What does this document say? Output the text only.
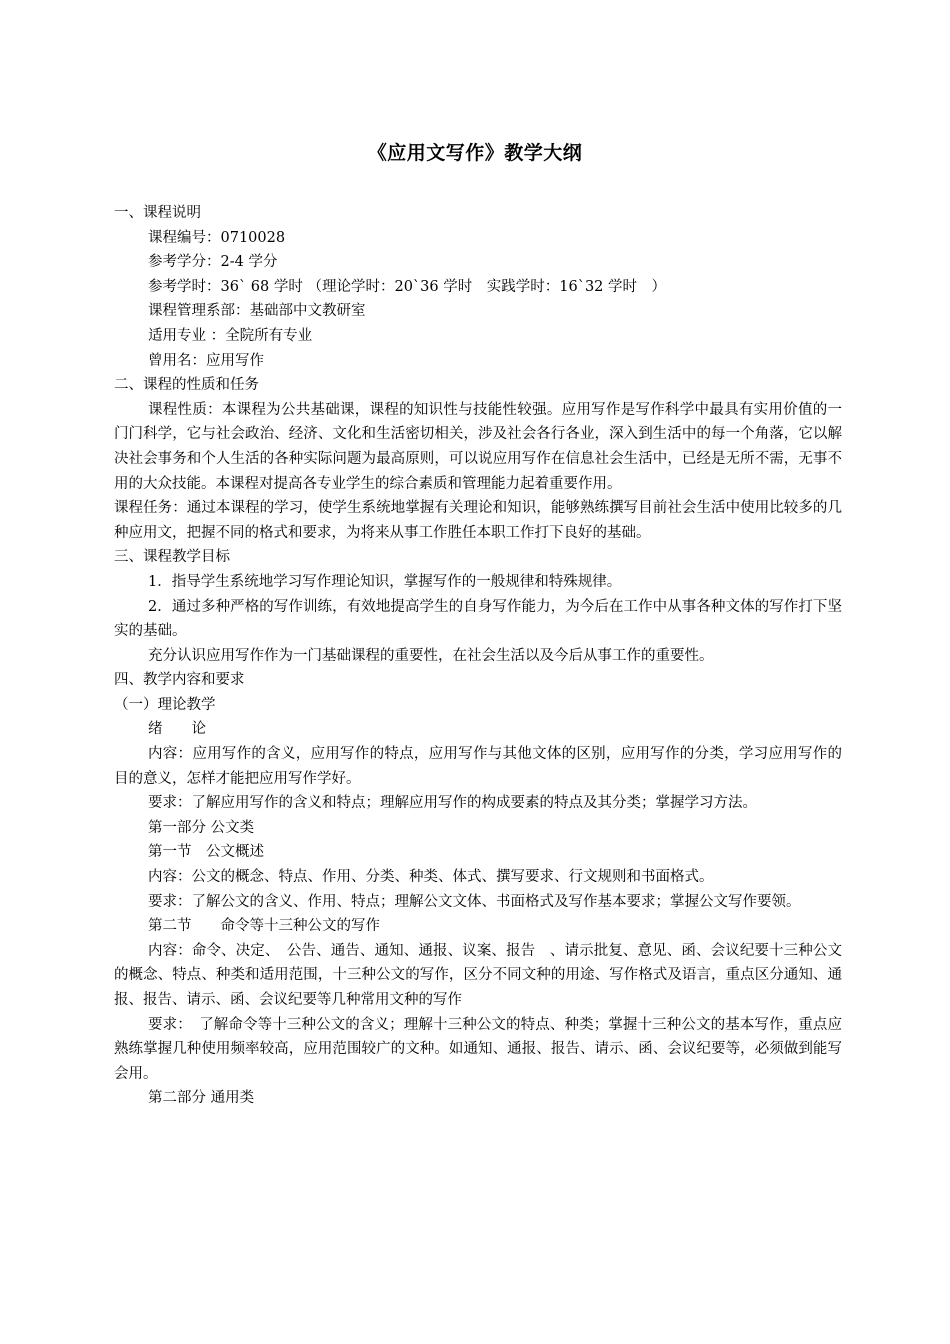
《应用文写作》教学大纲
一、课程说明
课程编号：0710028
参考学分：2-4 学分
参考学时：36` 68 学时 （理论学时：20`36 学时　实践学时：16`32 学时　）
课程管理系部：基础部中文教研室
适用专业 ：全院所有专业
曾用名：应用写作
二、课程的性质和任务
课程性质：本课程为公共基础课，课程的知识性与技能性较强。应用写作是写作科学中最具有实用价值的一门门科学，它与社会政治、经济、文化和生活密切相关，涉及社会各行各业，深入到生活中的每一个角落，它以解决社会事务和个人生活的各种实际问题为最高原则，可以说应用写作在信息社会生活中，已经是无所不需，无事不用的大众技能。本课程对提高各专业学生的综合素质和管理能力起着重要作用。
课程任务：通过本课程的学习，使学生系统地掌握有关理论和知识，能够熟练撰写目前社会生活中使用比较多的几种应用文，把握不同的格式和要求，为将来从事工作胜任本职工作打下良好的基础。
三、课程教学目标
1．指导学生系统地学习写作理论知识，掌握写作的一般规律和特殊规律。
2．通过多种严格的写作训练，有效地提高学生的自身写作能力，为今后在工作中从事各种文体的写作打下坚实的基础。
充分认识应用写作作为一门基础课程的重要性，在社会生活以及今后从事工作的重要性。
四、教学内容和要求
（一）理论教学
绪　　论
内容：应用写作的含义，应用写作的特点，应用写作与其他文体的区别，应用写作的分类，学习应用写作的目的意义，怎样才能把应用写作学好。
要求：了解应用写作的含义和特点；理解应用写作的构成要素的特点及其分类；掌握学习方法。
第一部分 公文类
第一节　公文概述
内容：公文的概念、特点、作用、分类、种类、体式、撰写要求、行文规则和书面格式。
要求：了解公文的含义、作用、特点；理解公文文体、书面格式及写作基本要求；掌握公文写作要领。
第二节　　命令等十三种公文的写作
内容：命令、决定、　公告、通告、通知、通报、议案、报告　、请示批复、意见、函、会议纪要十三种公文的概念、特点、种类和适用范围，十三种公文的写作，区分不同文种的用途、写作格式及语言，重点区分通知、通报、报告、请示、函、会议纪要等几种常用文种的写作
要求：　了解命令等十三种公文的含义；理解十三种公文的特点、种类；掌握十三种公文的基本写作，重点应熟练掌握几种使用频率较高，应用范围较广的文种。如通知、通报、报告、请示、函、会议纪要等，必须做到能写会用。
第二部分 通用类
